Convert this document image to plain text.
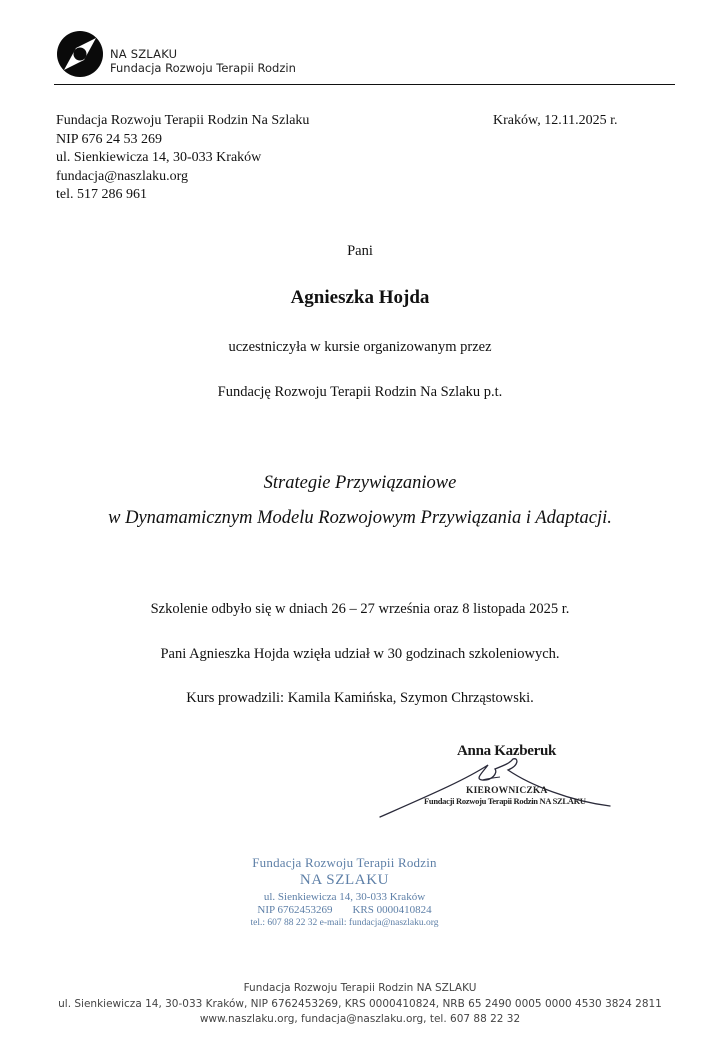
NA SZLAKU
Fundacja Rozwoju Terapii Rodzin
Fundacja Rozwoju Terapii Rodzin Na Szlaku
NIP 676 24 53 269
ul. Sienkiewicza 14, 30-033 Kraków
fundacja@naszlaku.org
tel. 517 286 961
Kraków, 12.11.2025 r.
Pani
Agnieszka Hojda
uczestniczyła w kursie organizowanym przez
Fundację Rozwoju Terapii Rodzin Na Szlaku p.t.
Strategie Przywiązaniowe
w Dynamamicznym Modelu Rozwojowym Przywiązania i Adaptacji.
Szkolenie odbyło się w dniach 26 – 27 września oraz 8 listopada 2025 r.
Pani Agnieszka Hojda wzięła udział w 30 godzinach szkoleniowych.
Kurs prowadzili: Kamila Kamińska, Szymon Chrząstowski.
Anna Kazberuk
KIEROWNICZKA
Fundacji Rozwoju Terapii Rodzin NA SZLAKU
Fundacja Rozwoju Terapii Rodzin
NA SZLAKU
ul. Sienkiewicza 14, 30-033 Kraków
NIP 6762453269 KRS 0000410824
tel.: 607 88 22 32 e-mail: fundacja@naszlaku.org
Fundacja Rozwoju Terapii Rodzin NA SZLAKU
ul. Sienkiewicza 14, 30-033 Kraków, NIP 6762453269, KRS 0000410824, NRB 65 2490 0005 0000 4530 3824 2811
www.naszlaku.org, fundacja@naszlaku.org, tel. 607 88 22 32
